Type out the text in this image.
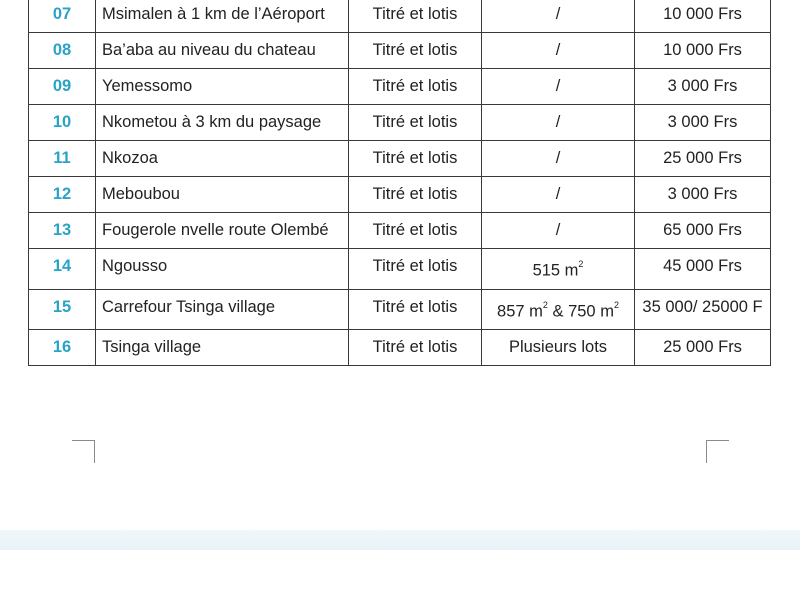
07	Msimalen à 1 km de l’Aéroport	Titré et lotis	/	10 000 Frs
08	Ba’aba au niveau du chateau	Titré et lotis	/	10 000 Frs
09	Yemessomo	Titré et lotis	/	3 000 Frs
10	Nkometou à 3 km du paysage	Titré et lotis	/	3 000 Frs
11	Nkozoa	Titré et lotis	/	25 000 Frs
12	Meboubou	Titré et lotis	/	3 000 Frs
13	Fougerole nvelle route Olembé	Titré et lotis	/	65 000 Frs
14	Ngousso	Titré et lotis	515 $m^2$	45 000 Frs
15	Carrefour Tsinga village	Titré et lotis	857 $m^2$ & 750 $m^2$	35 000/ 25000 F
16	Tsinga village	Titré et lotis	Plusieurs lots	25 000 Frs
